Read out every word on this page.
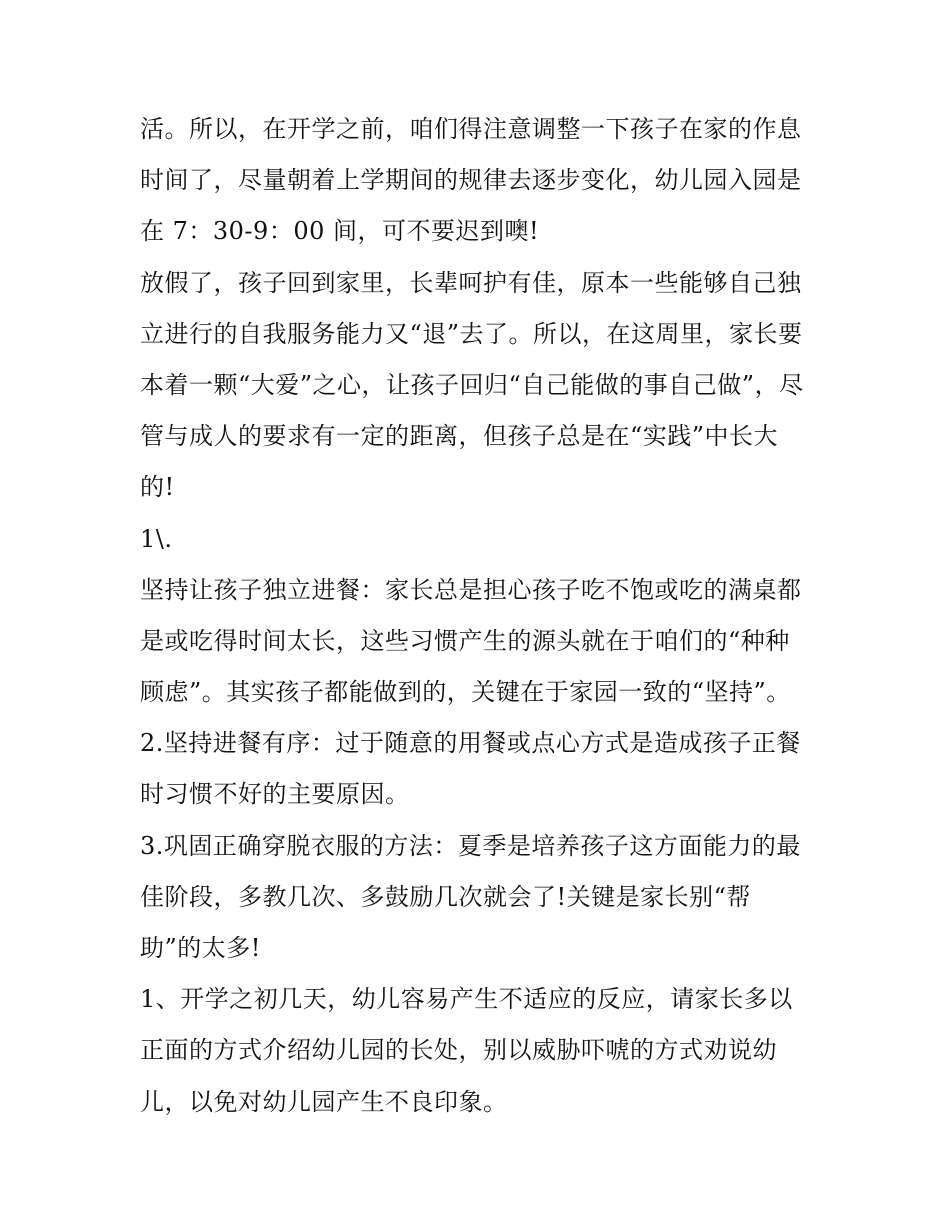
活。所以，在开学之前，咱们得注意调整一下孩子在家的作息
时间了，尽量朝着上学期间的规律去逐步变化，幼儿园入园是
在 7：30-9：00 间，可不要迟到噢!
放假了，孩子回到家里，长辈呵护有佳，原本一些能够自己独
立进行的自我服务能力又“退”去了。所以，在这周里，家长要
本着一颗“大爱”之心，让孩子回归“自己能做的事自己做”，尽
管与成人的要求有一定的距离，但孩子总是在“实践”中长大
的!
1\.
坚持让孩子独立进餐：家长总是担心孩子吃不饱或吃的满桌都
是或吃得时间太长，这些习惯产生的源头就在于咱们的“种种
顾虑”。其实孩子都能做到的，关键在于家园一致的“坚持”。
2.坚持进餐有序：过于随意的用餐或点心方式是造成孩子正餐
时习惯不好的主要原因。
3.巩固正确穿脱衣服的方法：夏季是培养孩子这方面能力的最
佳阶段，多教几次、多鼓励几次就会了!关键是家长别“帮
助”的太多!
1、开学之初几天，幼儿容易产生不适应的反应，请家长多以
正面的方式介绍幼儿园的长处，别以威胁吓唬的方式劝说幼
儿，以免对幼儿园产生不良印象。
